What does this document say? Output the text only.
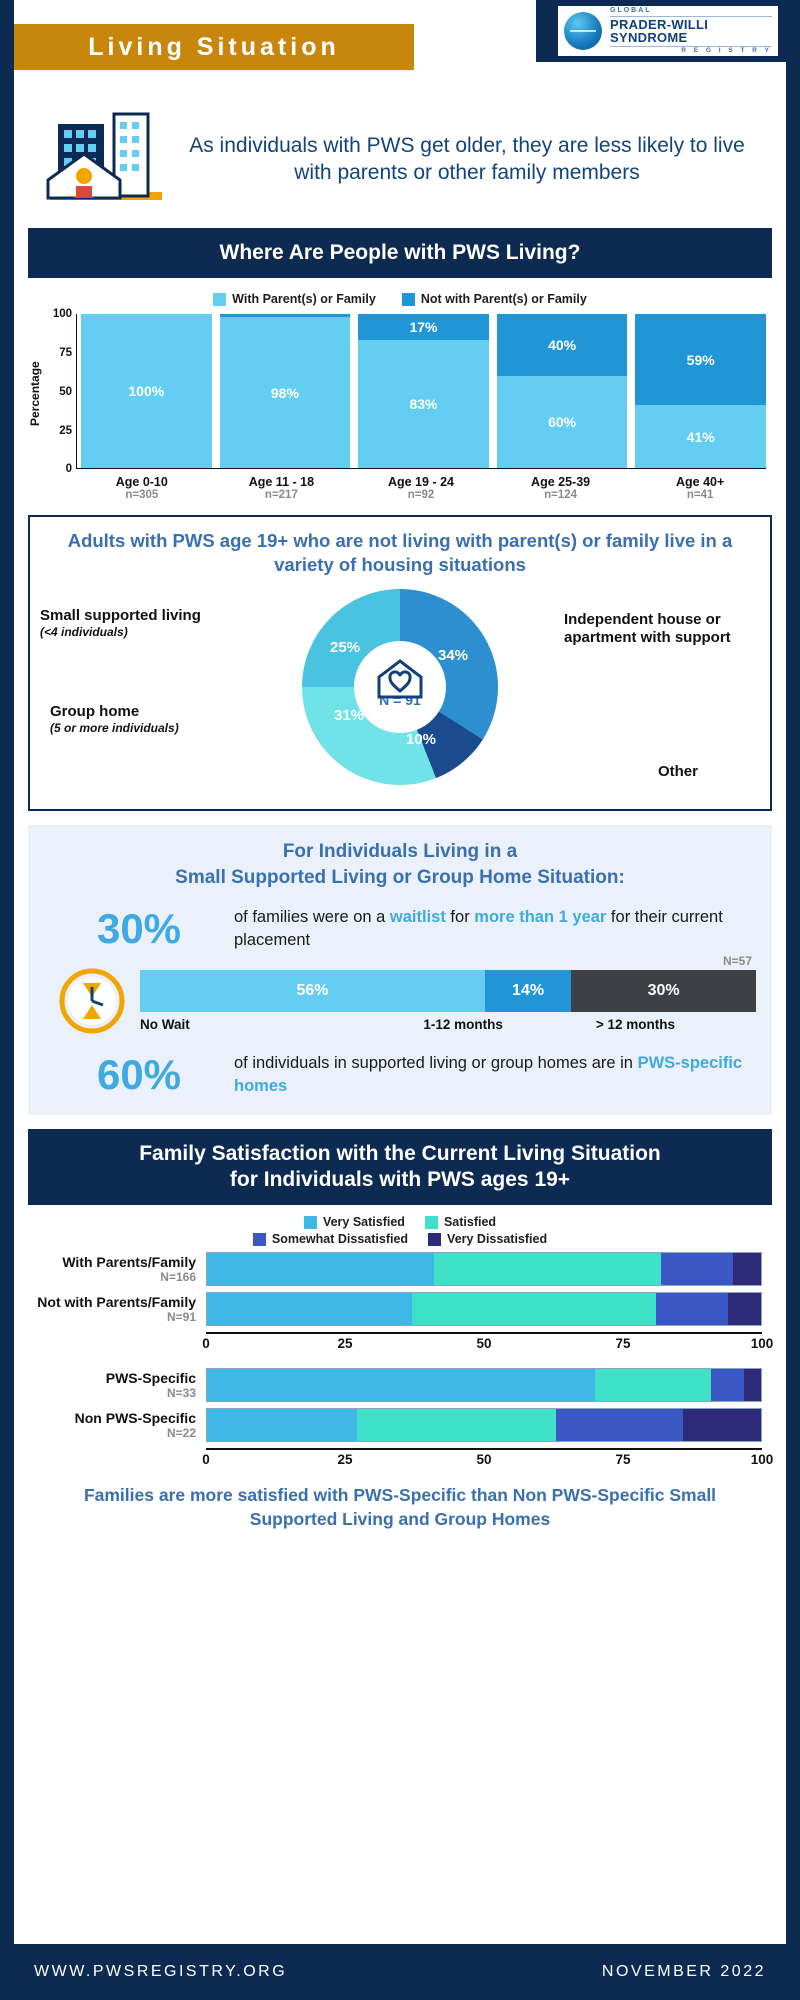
GLOBAL
PRADER-WILLI SYNDROME
R E G I S T R Y
Living Situation
As individuals with PWS get older, they are less likely to live with parents or other family members
Where Are People with PWS Living?
With Parent(s) or Family	Not with Parent(s) or Family
Percentage
100
75
50
25
0
100%	98%
17%
83%
40%
60%
59%
41%
Age 0-10
n=305
Age 11 - 18
n=217
Age 19 - 24
n=92
Age 25-39
n=124
Age 40+
n=41
Adults with PWS age 19+ who are not living with parent(s) or family live in a variety of housing situations
N = 91
34%
10%
31%
25%
Small supported living
(<4 individuals)
Group home
(5 or more individuals)
Independent house or apartment with support
Other
For Individuals Living in a
Small Supported Living or Group Home Situation:
30%	of families were on a waitlist for more than 1 year for their current placement
N=57
56%	14%	30%
No Wait	1-12 months	> 12 months
60%	of individuals in supported living or group homes are in PWS-specific homes
Family Satisfaction with the Current Living Situation
for Individuals with PWS ages 19+
Very Satisfied	Satisfied
Somewhat Dissatisfied	Very Dissatisfied
With Parents/Family
N=166
Not with Parents/Family
N=91
0	25	50	75	100
PWS-Specific
N=33
Non PWS-Specific
N=22
0	25	50	75	100
Families are more satisfied with PWS-Specific than Non PWS-Specific Small Supported Living and Group Homes
WWW.PWSREGISTRY.ORG	NOVEMBER 2022
